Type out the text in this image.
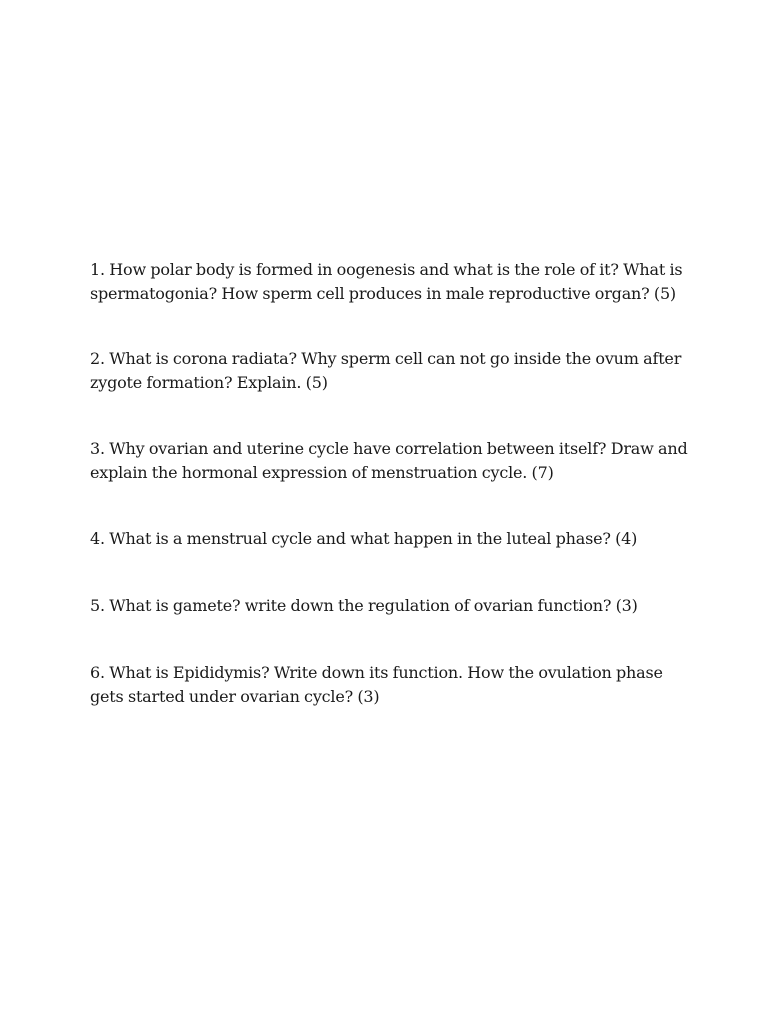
1. How polar body is formed in oogenesis and what is the role of it? What is spermatogonia? How sperm cell produces in male reproductive organ? (5)
2. What is corona radiata? Why sperm cell can not go inside the ovum after zygote formation? Explain. (5)
3. Why ovarian and uterine cycle have correlation between itself? Draw and explain the hormonal expression of menstruation cycle. (7)
4. What is a menstrual cycle and what happen in the luteal phase? (4)
5. What is gamete? write down the regulation of ovarian function? (3)
6. What is Epididymis? Write down its function. How the ovulation phase gets started under ovarian cycle? (3)
